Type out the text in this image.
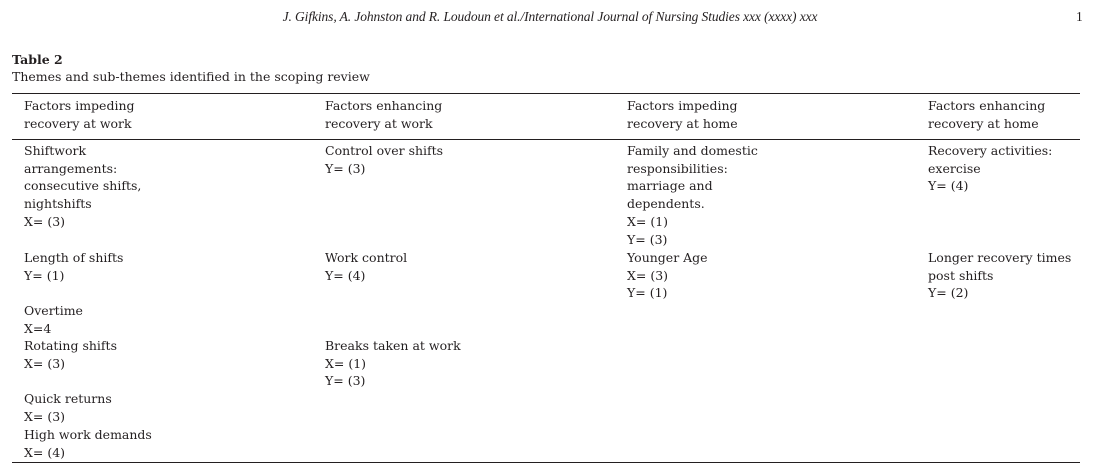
J. Gifkins, A. Johnston and R. Loudoun et al./International Journal of Nursing Studies xxx (xxxx) xxx	1
Table 2
Themes and sub-themes identified in the scoping review
Factors impeding
recovery at work
Factors enhancing
recovery at work
Factors impeding
recovery at home
Factors enhancing
recovery at home
Shiftwork
arrangements:
consecutive shifts,
nightshifts
X= (3)
Length of shifts
Y= (1)
Overtime
X=4
Rotating shifts
X= (3)
Quick returns
X= (3)
High work demands
X= (4)
Control over shifts
Y= (3)
Work control
Y= (4)
Breaks taken at work
X= (1)
Y= (3)
Family and domestic
responsibilities:
marriage and
dependents.
X= (1)
Y= (3)
Younger Age
X= (3)
Y= (1)
Recovery activities:
exercise
Y= (4)
Longer recovery times
post shifts
Y= (2)
